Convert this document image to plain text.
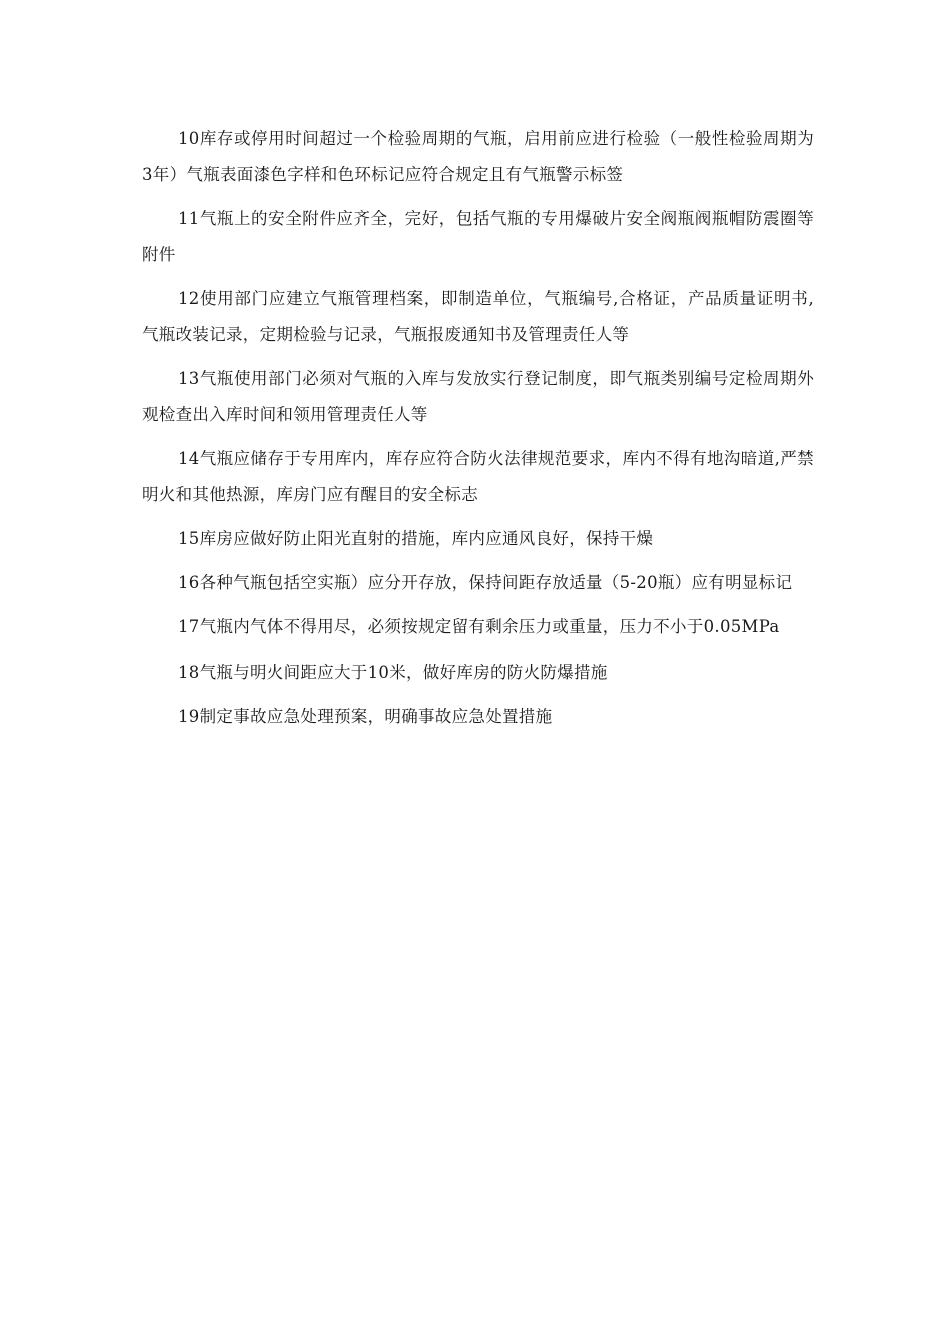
10库存或停用时间超过一个检验周期的气瓶，启用前应进行检验（一般性检验周期为3年）气瓶表面漆色字样和色环标记应符合规定且有气瓶警示标签

11气瓶上的安全附件应齐全，完好，包括气瓶的专用爆破片安全阀瓶阀瓶帽防震圈等附件

12使用部门应建立气瓶管理档案，即制造单位，气瓶编号,合格证，产品质量证明书,气瓶改装记录，定期检验与记录，气瓶报废通知书及管理责任人等

13气瓶使用部门必须对气瓶的入库与发放实行登记制度，即气瓶类别编号定检周期外观检查出入库时间和领用管理责任人等

14气瓶应储存于专用库内，库存应符合防火法律规范要求，库内不得有地沟暗道,严禁明火和其他热源，库房门应有醒目的安全标志

15库房应做好防止阳光直射的措施，库内应通风良好，保持干燥

16各种气瓶包括空实瓶）应分开存放，保持间距存放适量（5-20瓶）应有明显标记

17气瓶内气体不得用尽，必须按规定留有剩余压力或重量，压力不小于0.05MPa

18气瓶与明火间距应大于10米，做好库房的防火防爆措施

19制定事故应急处理预案，明确事故应急处置措施
